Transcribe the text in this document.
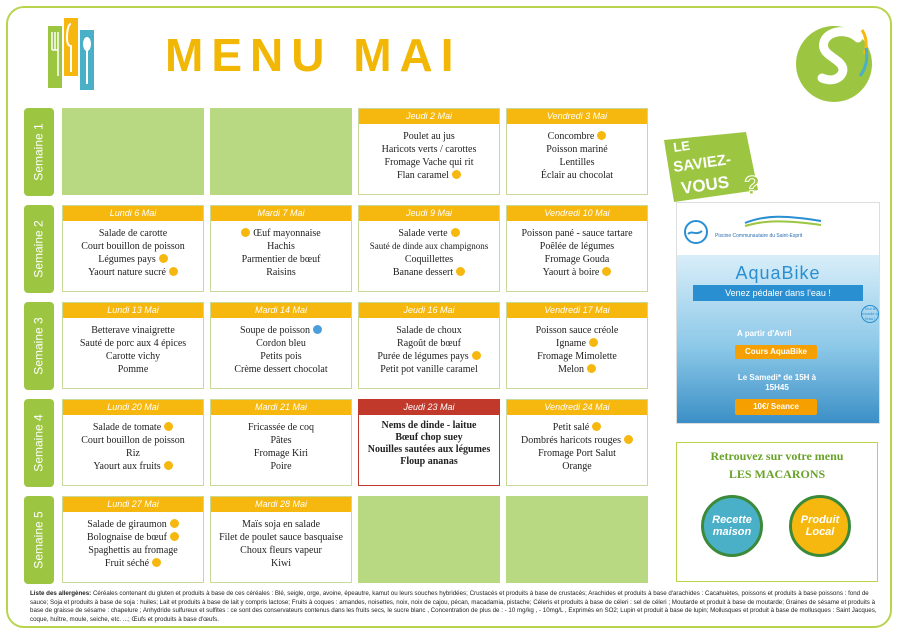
MENU MAI
Semaine 1
Semaine 2
Semaine 3
Semaine 4
Semaine 5
Jeudi 2 Mai
Poulet au jus
Haricots verts / carottes
Fromage Vache qui rit
Flan caramel
Vendredi 3 Mai
Concombre
Poisson mariné
Lentilles
Éclair au chocolat
Lundi 6 Mai
Salade de carotte
Court bouillon de poisson
Légumes pays
Yaourt nature sucré
Mardi 7 Mai
Œuf mayonnaise
Hachis
Parmentier de bœuf
Raisins
Jeudi 9 Mai
Salade verte
Sauté de dinde aux champignons
Coquillettes
Banane dessert
Vendredi 10 Mai
Poisson pané - sauce tartare
Poêlée de légumes
Fromage Gouda
Yaourt à boire
Lundi 13 Mai
Betterave vinaigrette
Sauté de porc aux 4 épices
Carotte vichy
Pomme
Mardi 14 Mai
Soupe de poisson
Cordon bleu
Petits pois
Crème dessert chocolat
Jeudi 16 Mai
Salade de choux
Ragoût de bœuf
Purée de légumes pays
Petit pot vanille caramel
Vendredi 17 Mai
Poisson sauce créole
Igname
Fromage Mimolette
Melon
Lundi 20 Mai
Salade de tomate
Court bouillon de poisson
Riz
Yaourt aux fruits
Mardi 21 Mai
Fricassée de coq
Pâtes
Fromage Kiri
Poire
Jeudi 23 Mai
Nems de dinde - laitue
Bœuf chop suey
Nouilles sautées aux légumes
Floup ananas
Vendredi 24 Mai
Petit salé
Dombrés haricots rouges
Fromage Port Salut
Orange
Lundi 27 Mai
Salade de giraumon
Bolognaise de bœuf
Spaghettis au fromage
Fruit séché
Mardi 28 Mai
Maïs soja en salade
Filet de poulet sauce basquaise
Choux fleurs vapeur
Kiwi
LE
SAVIEZ-
VOUS ?
Piscine Communautaire du Saint-Esprit
AquaBike
Venez pédaler dans l'eau !
Tout le monde à l'eau !
A partir d'Avril
Cours AquaBike
Le Samedi* de 15H à 15H45
10€/ Seance
Retrouvez sur votre menu
LES MACARONS
Recette maison
Produit Local
Liste des allergènes: Céréales contenant du gluten et produits à base de ces céréales : Blé, seigle, orge, avoine, épeautre, kamut ou leurs souches hybridées; Crustacés et produits à base de crustacés; Arachides et produits à base d'arachides : Cacahuètes, poissons et produits à base poissons : fond de sauce; Soja et produits à base de soja : huiles; Lait et produits à base de lait y compris lactose; Fruits à coques : amandes, noisettes, noix, noix de cajou, pécan, macadamia, pistache; Céleris et produits à base de céleri : sel de céleri ; Moutarde et produit à base de moutarde; Graines de sésame et produits à base de graisse de sésame : chapelure ; Anhydride sulfureux et sulfites : ce sont des conservateurs contenus dans les fruits secs, le sucre blanc , Concentration de plus de : - 10 mg/kg , - 10mg/L , Exprimés en SO2; Lupin et produit à base de lupin; Mollusques et produit à base de mollusques : Saint Jacques, coque, huître, moule, seiche, etc. ...; Œufs et produits à base d'œufs.
